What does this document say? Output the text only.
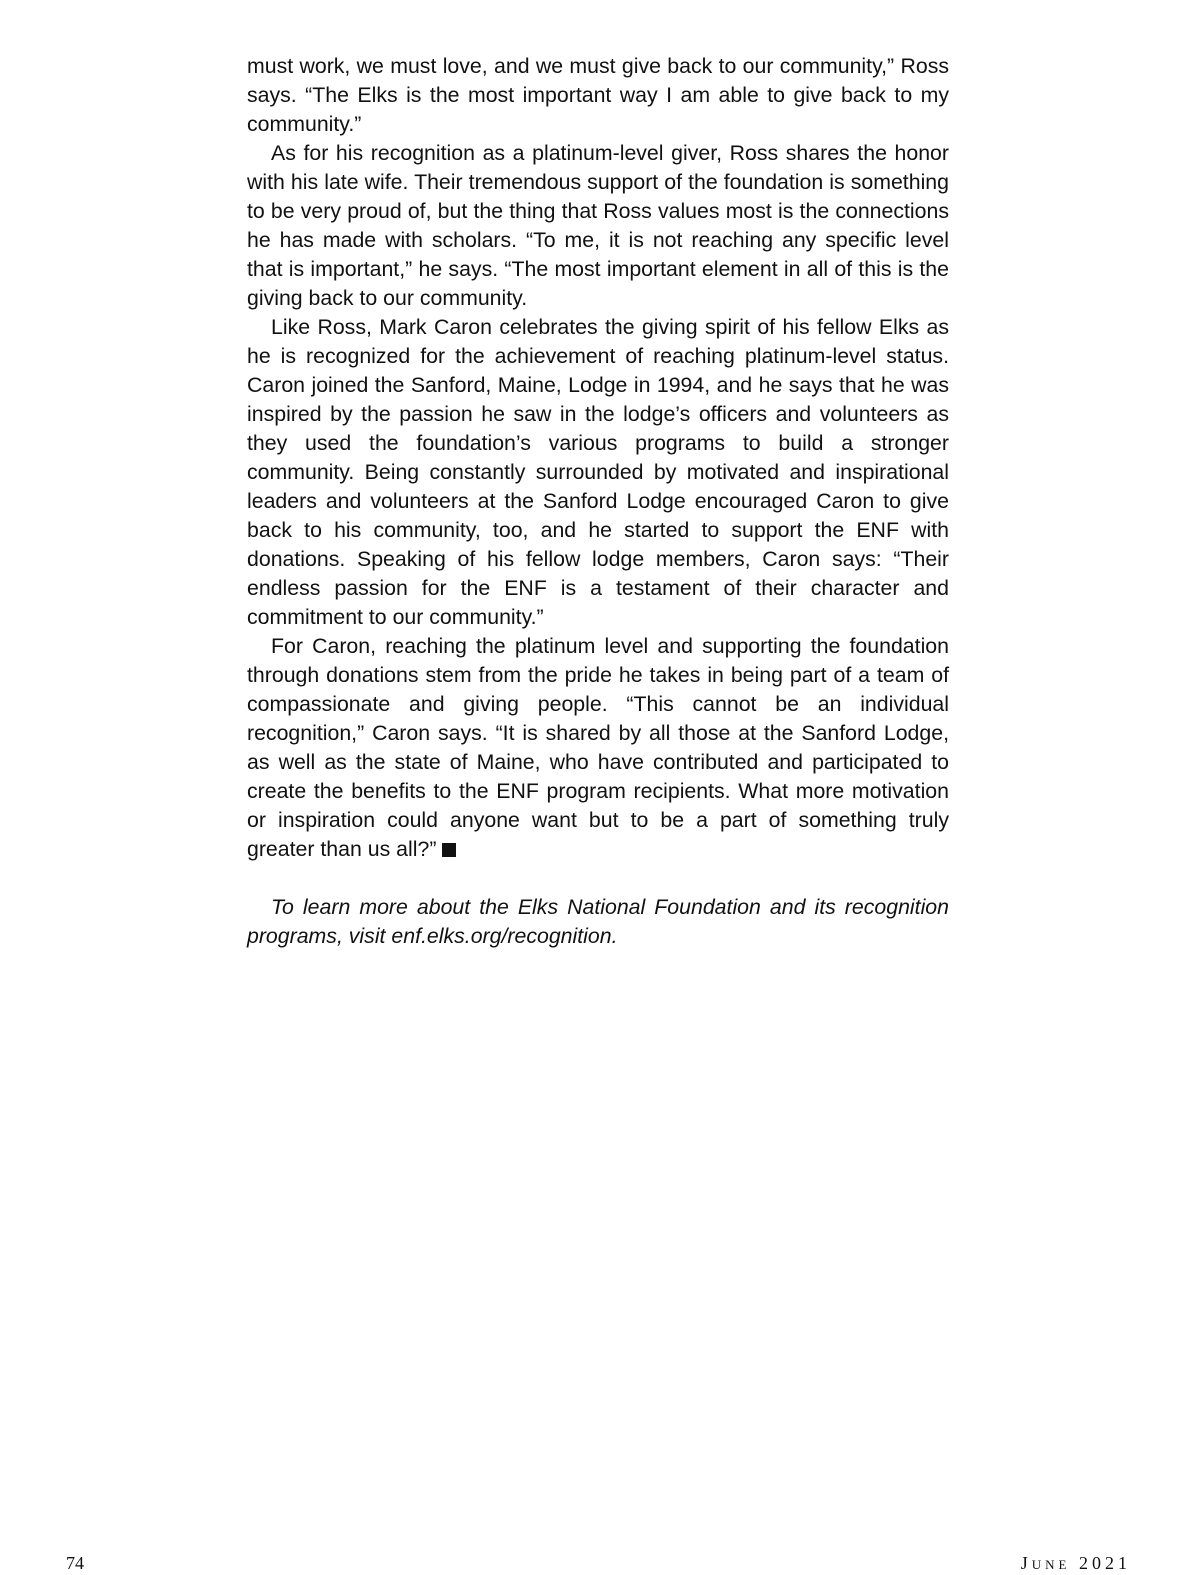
must work, we must love, and we must give back to our community,” Ross says. “The Elks is the most important way I am able to give back to my community.”

As for his recognition as a platinum-level giver, Ross shares the honor with his late wife. Their tremendous support of the foundation is something to be very proud of, but the thing that Ross values most is the connections he has made with scholars. “To me, it is not reaching any specific level that is important,” he says. “The most important element in all of this is the giving back to our community.

Like Ross, Mark Caron celebrates the giving spirit of his fellow Elks as he is recognized for the achievement of reaching platinum-level status. Caron joined the Sanford, Maine, Lodge in 1994, and he says that he was inspired by the passion he saw in the lodge’s officers and volunteers as they used the foundation’s various programs to build a stronger community. Being constantly surrounded by motivated and inspirational leaders and volunteers at the Sanford Lodge encouraged Caron to give back to his community, too, and he started to support the ENF with donations. Speaking of his fellow lodge members, Caron says: “Their endless passion for the ENF is a testament of their character and commitment to our community.”

For Caron, reaching the platinum level and supporting the foundation through donations stem from the pride he takes in being part of a team of compassionate and giving people. “This cannot be an individual recognition,” Caron says. “It is shared by all those at the Sanford Lodge, as well as the state of Maine, who have contributed and participated to create the benefits to the ENF program recipients. What more motivation or inspiration could anyone want but to be a part of something truly greater than us all?”

To learn more about the Elks National Foundation and its recognition programs, visit enf.elks.org/recognition.

74	June 2021
